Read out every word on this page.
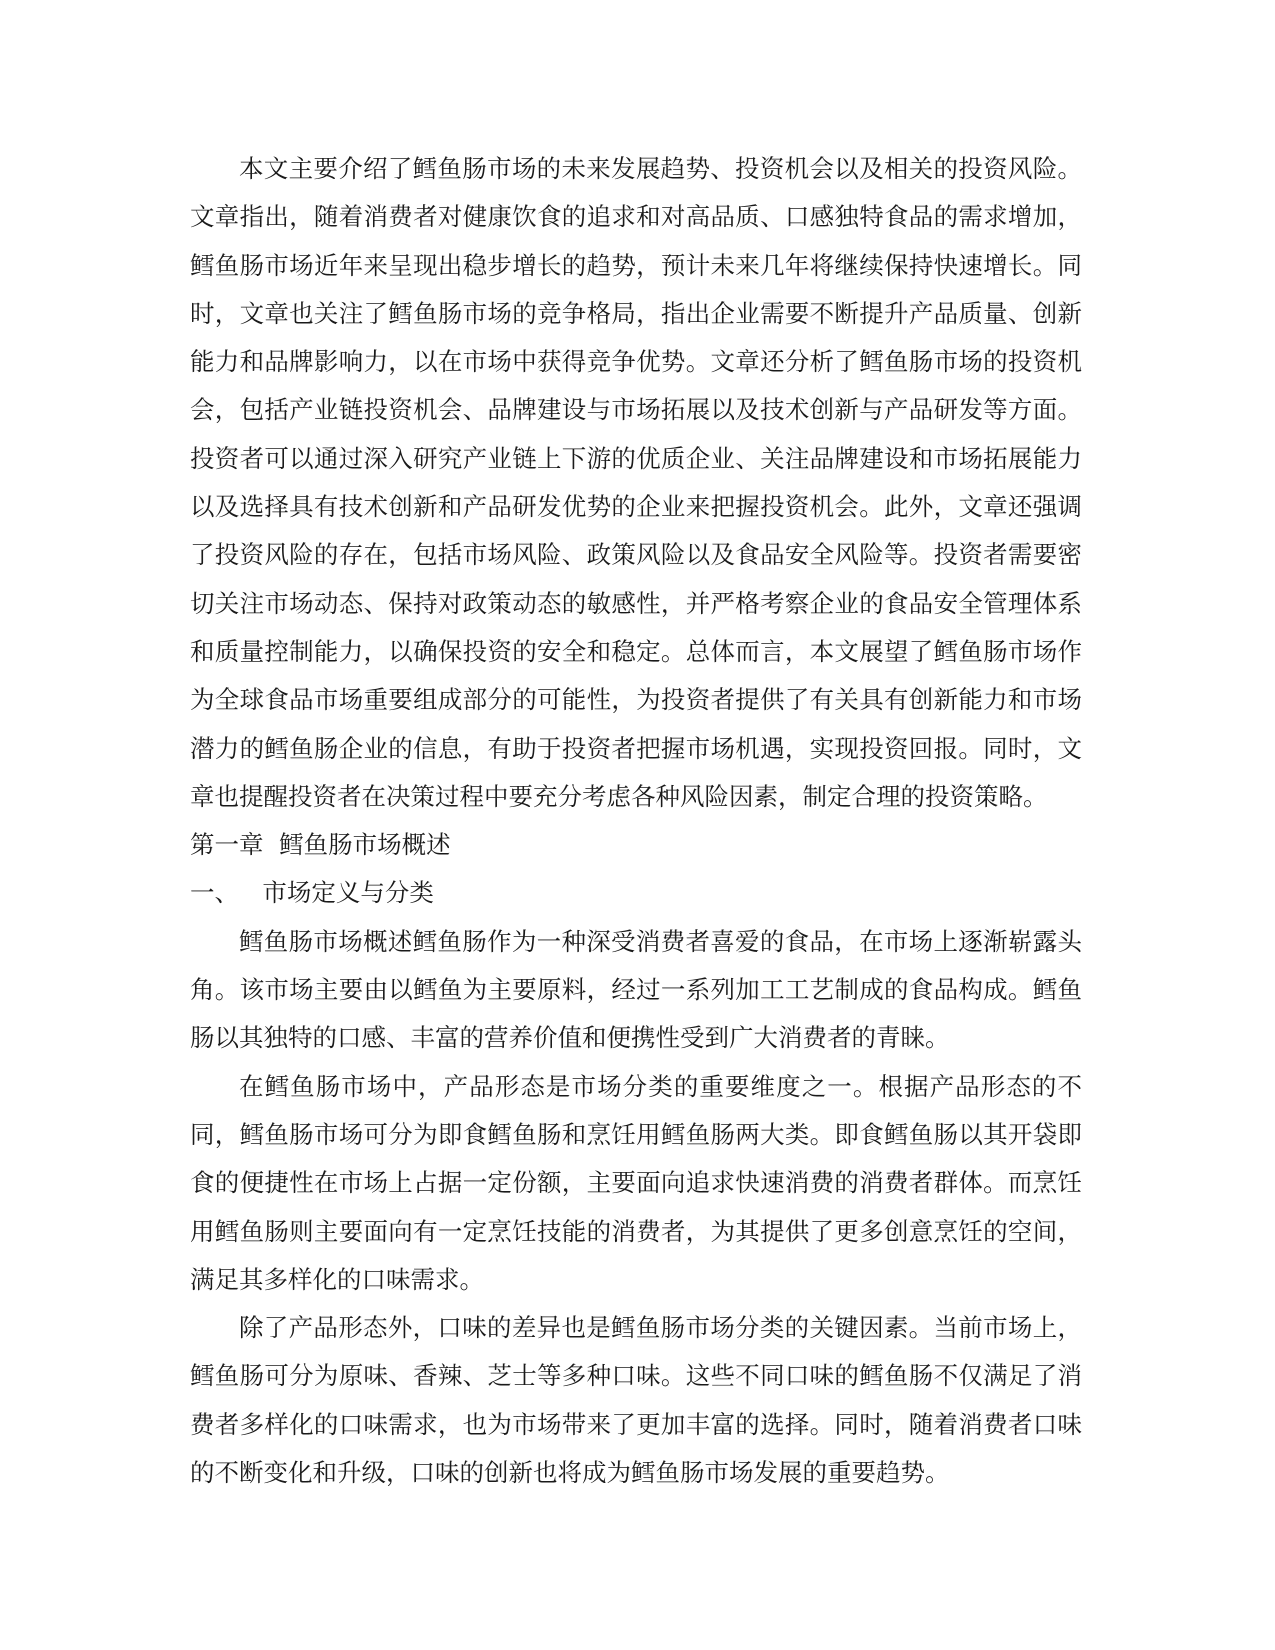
本文主要介绍了鳕鱼肠市场的未来发展趋势、投资机会以及相关的投资风险。文章指出，随着消费者对健康饮食的追求和对高品质、口感独特食品的需求增加，鳕鱼肠市场近年来呈现出稳步增长的趋势，预计未来几年将继续保持快速增长。同时，文章也关注了鳕鱼肠市场的竞争格局，指出企业需要不断提升产品质量、创新能力和品牌影响力，以在市场中获得竞争优势。文章还分析了鳕鱼肠市场的投资机会，包括产业链投资机会、品牌建设与市场拓展以及技术创新与产品研发等方面。投资者可以通过深入研究产业链上下游的优质企业、关注品牌建设和市场拓展能力以及选择具有技术创新和产品研发优势的企业来把握投资机会。此外，文章还强调了投资风险的存在，包括市场风险、政策风险以及食品安全风险等。投资者需要密切关注市场动态、保持对政策动态的敏感性，并严格考察企业的食品安全管理体系和质量控制能力，以确保投资的安全和稳定。总体而言，本文展望了鳕鱼肠市场作为全球食品市场重要组成部分的可能性，为投资者提供了有关具有创新能力和市场潜力的鳕鱼肠企业的信息，有助于投资者把握市场机遇，实现投资回报。同时，文章也提醒投资者在决策过程中要充分考虑各种风险因素，制定合理的投资策略。

第一章  鳕鱼肠市场概述

一、   市场定义与分类

鳕鱼肠市场概述鳕鱼肠作为一种深受消费者喜爱的食品，在市场上逐渐崭露头角。该市场主要由以鳕鱼为主要原料，经过一系列加工工艺制成的食品构成。鳕鱼肠以其独特的口感、丰富的营养价值和便携性受到广大消费者的青睐。

在鳕鱼肠市场中，产品形态是市场分类的重要维度之一。根据产品形态的不同，鳕鱼肠市场可分为即食鳕鱼肠和烹饪用鳕鱼肠两大类。即食鳕鱼肠以其开袋即食的便捷性在市场上占据一定份额，主要面向追求快速消费的消费者群体。而烹饪用鳕鱼肠则主要面向有一定烹饪技能的消费者，为其提供了更多创意烹饪的空间，满足其多样化的口味需求。

除了产品形态外，口味的差异也是鳕鱼肠市场分类的关键因素。当前市场上，鳕鱼肠可分为原味、香辣、芝士等多种口味。这些不同口味的鳕鱼肠不仅满足了消费者多样化的口味需求，也为市场带来了更加丰富的选择。同时，随着消费者口味的不断变化和升级，口味的创新也将成为鳕鱼肠市场发展的重要趋势。
